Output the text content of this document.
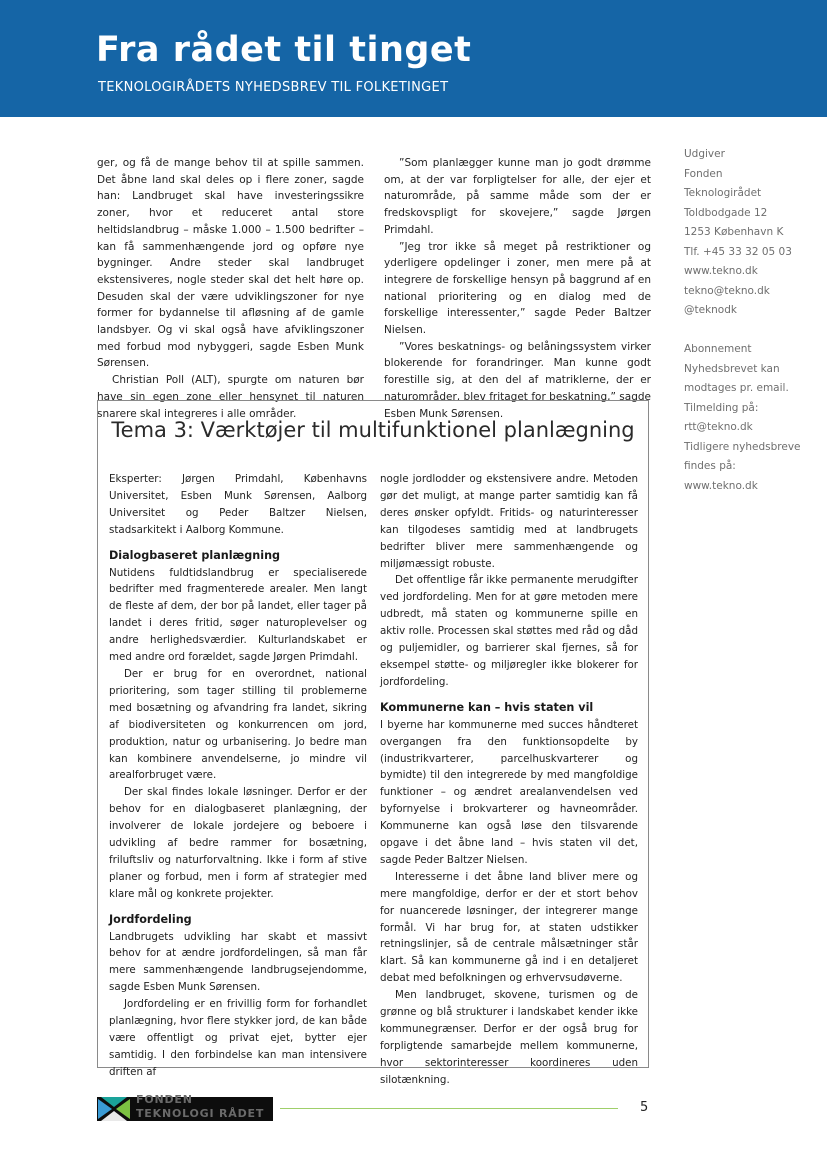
Fra rådet til tinget
TEKNOLOGIRÅDETS NYHEDSBREV TIL FOLKETINGET

ger, og få de mange behov til at spille sammen. Det åbne land skal deles op i flere zoner, sagde han: Landbruget skal have investeringssikre zoner, hvor et reduceret antal store heltidslandbrug – måske 1.000 – 1.500 bedrifter – kan få sammenhængende jord og opføre nye bygninger. Andre steder skal landbruget ekstensiveres, nogle steder skal det helt høre op. Desuden skal der være udviklingszoner for nye former for bydannelse til afløsning af de gamle landsbyer. Og vi skal også have afviklingszoner med forbud mod nybyggeri, sagde Esben Munk Sørensen.

Christian Poll (ALT), spurgte om naturen bør have sin egen zone eller hensynet til naturen snarere skal integreres i alle områder.

”Som planlægger kunne man jo godt drømme om, at der var forpligtelser for alle, der ejer et naturområde, på samme måde som der er fredskovspligt for skovejere,” sagde Jørgen Primdahl.

”Jeg tror ikke så meget på restriktioner og yderligere opdelinger i zoner, men mere på at integrere de forskellige hensyn på baggrund af en national prioritering og en dialog med de forskellige interessenter,” sagde Peder Baltzer Nielsen.

”Vores beskatnings- og belåningssystem virker blokerende for forandringer. Man kunne godt forestille sig, at den del af matriklerne, der er naturområder, blev fritaget for beskatning,” sagde Esben Munk Sørensen.

Udgiver
Fonden
Teknologirådet
Toldbodgade 12
1253 København K
Tlf. +45 33 32 05 03
www.tekno.dk
tekno@tekno.dk
@teknodk
Abonnement
Nyhedsbrevet kan
modtages pr. email.
Tilmelding på:
rtt@tekno.dk
Tidligere nyhedsbreve
findes på:
www.tekno.dk
Tema 3: Værktøjer til multifunktionel planlægning

Eksperter: Jørgen Primdahl, Københavns Universitet, Esben Munk Sørensen, Aalborg Universitet og Peder Baltzer Nielsen, stadsarkitekt i Aalborg Kommune.

Dialogbaseret planlægning

Nutidens fuldtidslandbrug er specialiserede bedrifter med fragmenterede arealer. Men langt de fleste af dem, der bor på landet, eller tager på landet i deres fritid, søger naturoplevelser og andre herlighedsværdier. Kulturlandskabet er med andre ord forældet, sagde Jørgen Primdahl.

Der er brug for en overordnet, national prioritering, som tager stilling til problemerne med bosætning og afvandring fra landet, sikring af biodiversiteten og konkurrencen om jord, produktion, natur og urbanisering. Jo bedre man kan kombinere anvendelserne, jo mindre vil arealforbruget være.

Der skal findes lokale løsninger. Derfor er der behov for en dialogbaseret planlægning, der involverer de lokale jordejere og beboere i udvikling af bedre rammer for bosætning, friluftsliv og naturforvaltning. Ikke i form af stive planer og forbud, men i form af strategier med klare mål og konkrete projekter.

Jordfordeling

Landbrugets udvikling har skabt et massivt behov for at ændre jordfordelingen, så man får mere sammenhængende landbrugsejendomme, sagde Esben Munk Sørensen.

Jordfordeling er en frivillig form for forhandlet planlægning, hvor flere stykker jord, de kan både være offentligt og privat ejet, bytter ejer samtidig. I den forbindelse kan man intensivere driften af

nogle jordlodder og ekstensivere andre. Metoden gør det muligt, at mange parter samtidig kan få deres ønsker opfyldt. Fritids- og naturinteresser kan tilgodeses samtidig med at landbrugets bedrifter bliver mere sammenhængende og miljømæssigt robuste.

Det offentlige får ikke permanente merudgifter ved jordfordeling. Men for at gøre metoden mere udbredt, må staten og kommunerne spille en aktiv rolle. Processen skal støttes med råd og dåd og puljemidler, og barrierer skal fjernes, så for eksempel støtte- og miljøregler ikke blokerer for jordfordeling.

Kommunerne kan – hvis staten vil

I byerne har kommunerne med succes håndteret overgangen fra den funktionsopdelte by (industrikvarterer, parcelhuskvarterer og bymidte) til den integrerede by med mangfoldige funktioner – og ændret arealanvendelsen ved byfornyelse i brokvarterer og havneområder. Kommunerne kan også løse den tilsvarende opgave i det åbne land – hvis staten vil det, sagde Peder Baltzer Nielsen.

Interesserne i det åbne land bliver mere og mere mangfoldige, derfor er der et stort behov for nuancerede løsninger, der integrerer mange formål. Vi har brug for, at staten udstikker retningslinjer, så de centrale målsætninger står klart. Så kan kommunerne gå ind i en detaljeret debat med befolkningen og erhvervsudøverne.

Men landbruget, skovene, turismen og de grønne og blå strukturer i landskabet kender ikke kommunegrænser. Derfor er der også brug for forpligtende samarbejde mellem kommunerne, hvor sektorinteresser koordineres uden silotænkning.

FONDEN
TEKNOLOGI RÅDET	5
